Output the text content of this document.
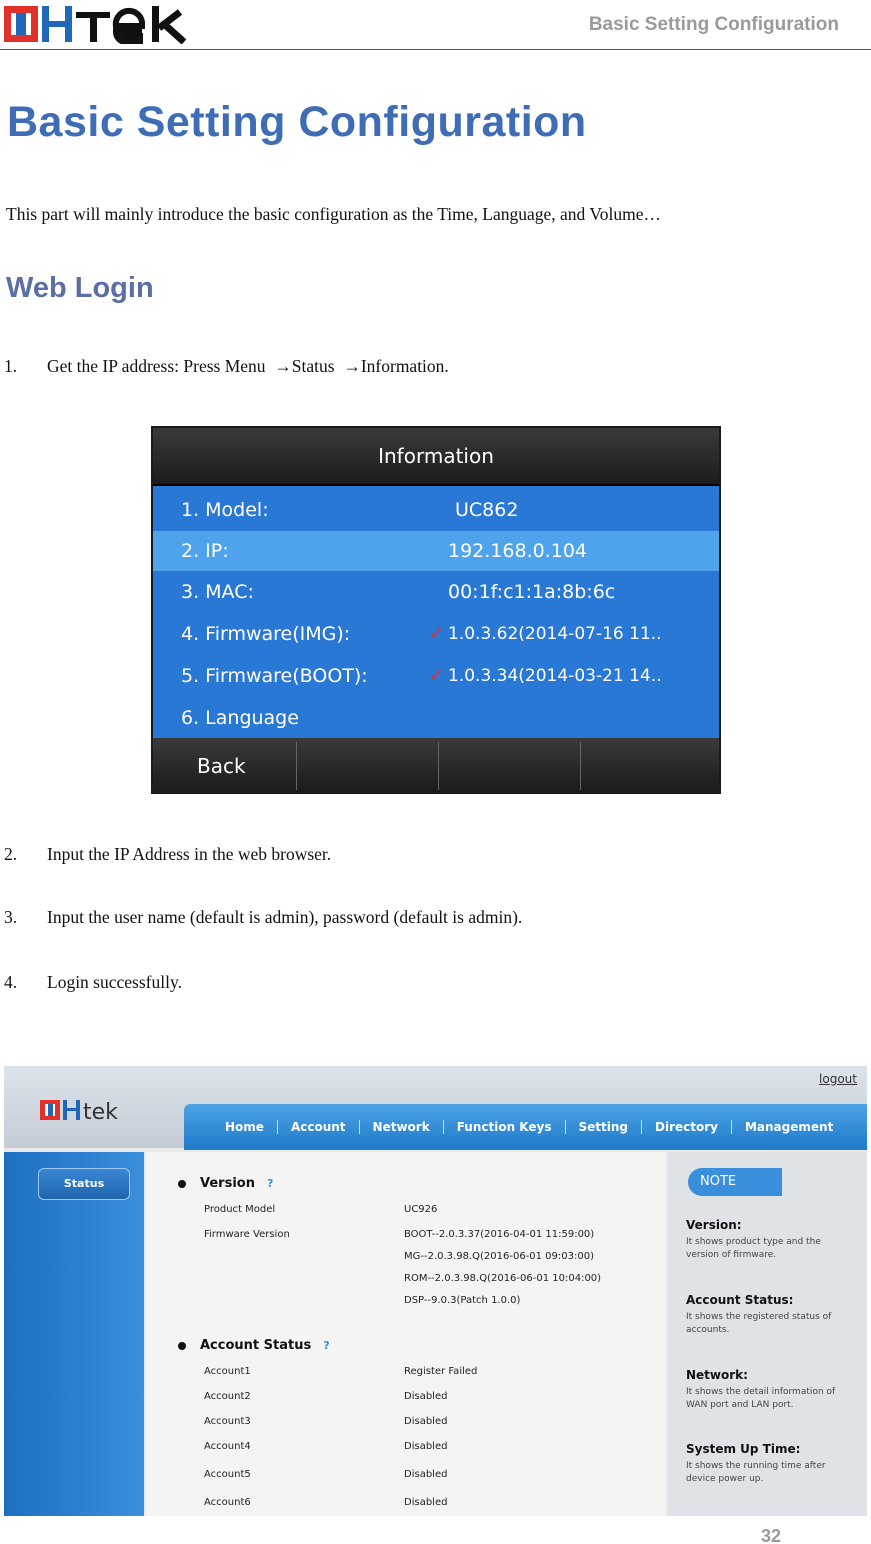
Basic Setting Configuration
Basic Setting Configuration
This part will mainly introduce the basic configuration as the Time, Language, and Volume…
Web Login
1. Get the IP address: Press Menu  →Status  →Information.
Information
1. Model:	UC862
2. IP:	192.168.0.104
3. MAC:	00:1f:c1:1a:8b:6c
4. Firmware(IMG):	✓ 1.0.3.62(2014-07-16 11..
5. Firmware(BOOT):	✓ 1.0.3.34(2014-03-21 14..
6. Language
Back
2. Input the IP Address in the web browser.
3. Input the user name (default is admin), password (default is admin).
4. Login successfully.
logout
tek
Home	Account	Network	Function Keys	Setting	Directory	Management
Status	Version ?
Product Model	UC926
Firmware Version	BOOT--2.0.3.37(2016-04-01 11:59:00)
MG--2.0.3.98.Q(2016-06-01 09:03:00)
ROM--2.0.3.98.Q(2016-06-01 10:04:00)
DSP--9.0.3(Patch 1.0.0)
Account Status ?
Account1	Register Failed
Account2	Disabled
Account3	Disabled
Account4	Disabled
Account5	Disabled
Account6	Disabled
NOTE
Version:
It shows product type and the version of firmware.
Account Status:
It shows the registered status of accounts.
Network:
It shows the detail information of WAN port and LAN port.
System Up Time:
It shows the running time after device power up.
32
